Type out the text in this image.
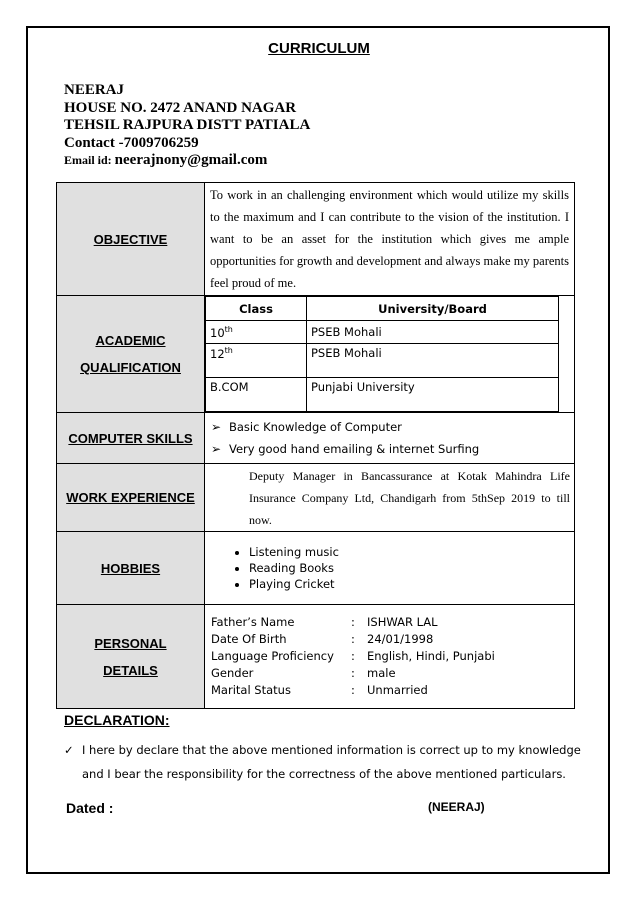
CURRICULUM
NEERAJ
HOUSE NO. 2472 ANAND NAGAR
TEHSIL RAJPURA DISTT PATIALA
Contact -7009706259
Email id: neerajnony@gmail.com
OBJECTIVE
	To work in an challenging environment which would utilize my skills to the maximum and I can contribute to the vision of the institution. I want to be an asset for the institution which gives me ample opportunities for growth and development and always make my parents feel proud of me.

ACADEMIC
QUALIFICATION

Class	University/Board
10th	PSEB Mohali
12th	PSEB Mohali
B.COM	Punjabi University

COMPUTER SKILLS

➢ Basic Knowledge of Computer
➢ Very good hand emailing & internet Surfing

WORK EXPERIENCE
	Deputy Manager in Bancassurance at Kotak Mahindra Life Insurance Company Ltd, Chandigarh from 5thSep 2019 to till now.

HOBBIES

• Listening music
• Reading Books
• Playing Cricket

PERSONAL
DETAILS

Father’s Name	:	ISHWAR LAL
Date Of Birth	:	24/01/1998
Language Proficiency	:	English, Hindi, Punjabi
Gender	:	male
Marital Status	:	Unmarried
DECLARATION:
✓ I here by declare that the above mentioned information is correct up to my knowledge and I bear the responsibility for the correctness of the above mentioned particulars.
Dated :	(NEERAJ)
